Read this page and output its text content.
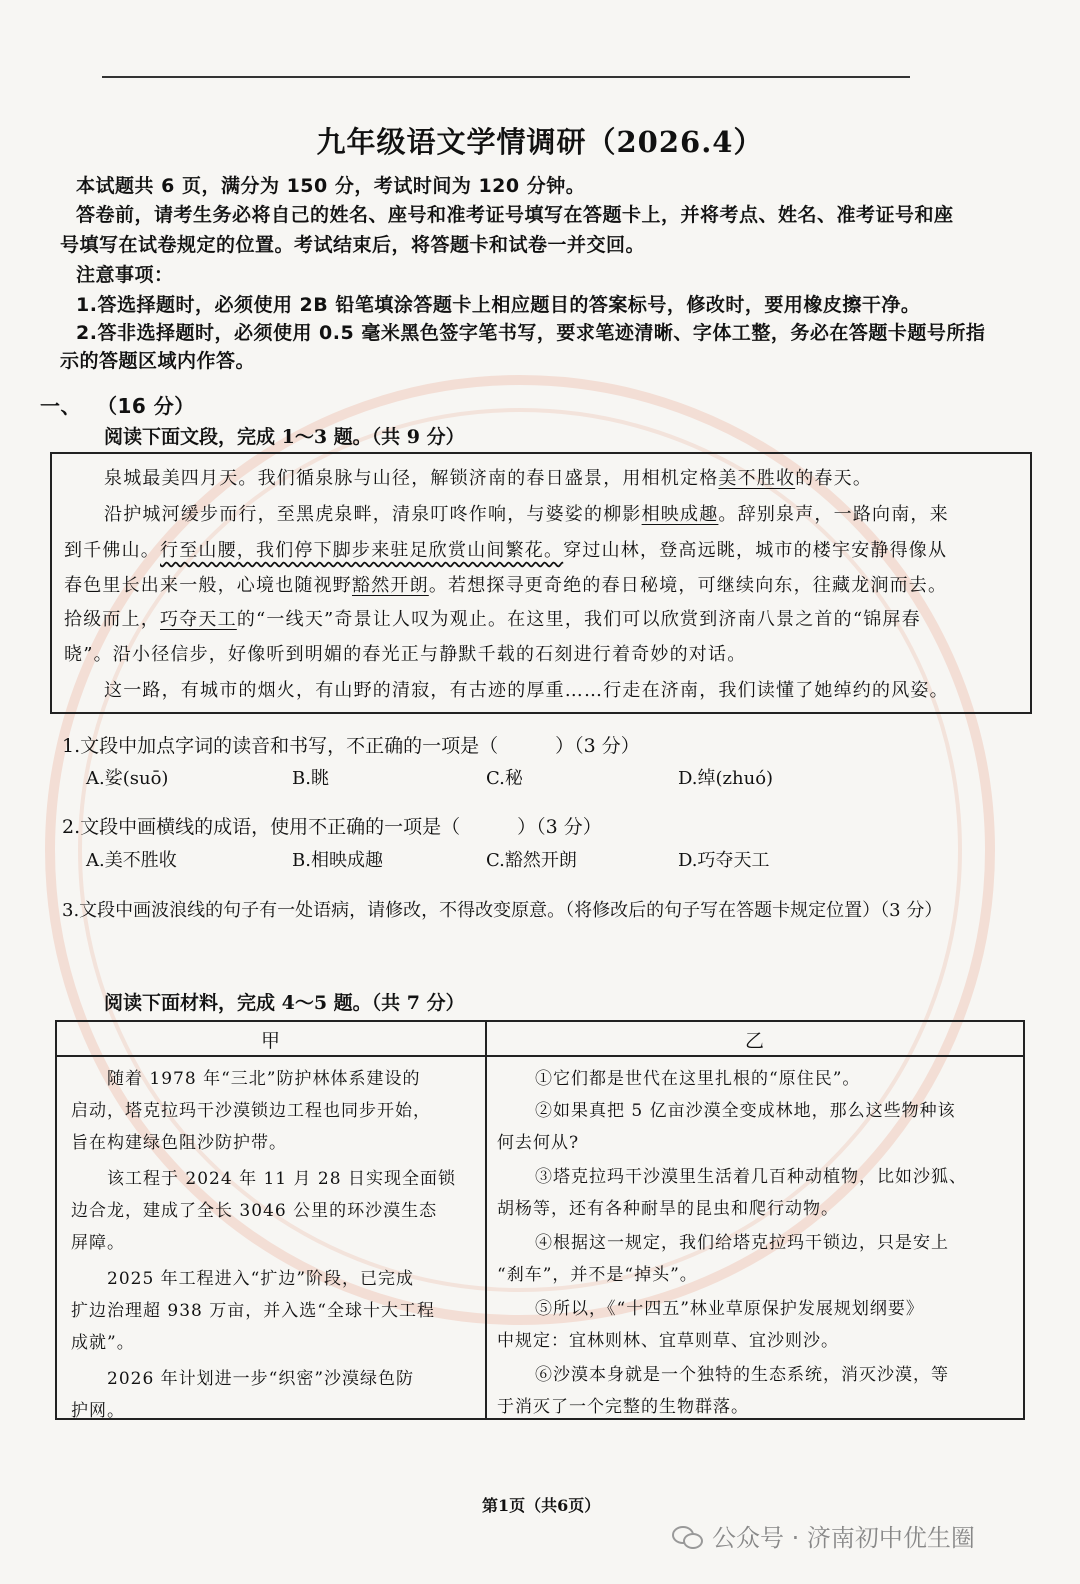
九年级语文学情调研（2026.4）
本试题共 6 页，满分为 150 分，考试时间为 120 分钟。
答卷前，请考生务必将自己的姓名、座号和准考证号填写在答题卡上，并将考点、姓名、准考证号和座
号填写在试卷规定的位置。考试结束后，将答题卡和试卷一并交回。
注意事项：
1.答选择题时，必须使用 2B 铅笔填涂答题卡上相应题目的答案标号，修改时，要用橡皮擦干净。
2.答非选择题时，必须使用 0.5 毫米黑色签字笔书写，要求笔迹清晰、字体工整，务必在答题卡题号所指
示的答题区域内作答。
一、 （16 分）
阅读下面文段，完成 1～3 题。（共 9 分）
泉城最美四月天。我们循泉脉与山径，解锁济南的春日盛景，用相机定格美不胜收的春天。
沿护城河缓步而行，至黑虎泉畔，清泉叮咚作响，与婆娑的柳影相映成趣。辞别泉声，一路向南，来
到千佛山。行至山腰，我们停下脚步来驻足欣赏山间繁花。穿过山林，登高远眺，城市的楼宇安静得像从
春色里长出来一般，心境也随视野豁然开朗。若想探寻更奇绝的春日秘境，可继续向东，往藏龙涧而去。
拾级而上，巧夺天工的“一线天”奇景让人叹为观止。在这里，我们可以欣赏到济南八景之首的“锦屏春
晓”。沿小径信步，好像听到明媚的春光正与静默千载的石刻进行着奇妙的对话。
这一路，有城市的烟火，有山野的清寂，有古迹的厚重……行走在济南，我们读懂了她绰约的风姿。
1.文段中加点字词的读音和书写，不正确的一项是（　　　）（3 分）
A.娑(suō)	B.眺	C.秘	D.绰(zhuó)
2.文段中画横线的成语，使用不正确的一项是（　　　）（3 分）
A.美不胜收	B.相映成趣	C.豁然开朗	D.巧夺天工
3.文段中画波浪线的句子有一处语病，请修改，不得改变原意。（将修改后的句子写在答题卡规定位置）（3 分）
阅读下面材料，完成 4～5 题。（共 7 分）
甲	乙
随着 1978 年“三北”防护林体系建设的
启动，塔克拉玛干沙漠锁边工程也同步开始，
旨在构建绿色阻沙防护带。
该工程于 2024 年 11 月 28 日实现全面锁
边合龙，建成了全长 3046 公里的环沙漠生态
屏障。
2025 年工程进入“扩边”阶段，已完成
扩边治理超 938 万亩，并入选“全球十大工程
成就”。
2026 年计划进一步“织密”沙漠绿色防
护网。
①它们都是世代在这里扎根的“原住民”。
②如果真把 5 亿亩沙漠全变成林地，那么这些物种该
何去何从?
③塔克拉玛干沙漠里生活着几百种动植物，比如沙狐、
胡杨等，还有各种耐旱的昆虫和爬行动物。
④根据这一规定，我们给塔克拉玛干锁边，只是安上
“刹车”，并不是“掉头”。
⑤所以，《“十四五”林业草原保护发展规划纲要》
中规定：宜林则林、宜草则草、宜沙则沙。
⑥沙漠本身就是一个独特的生态系统，消灭沙漠，等
于消灭了一个完整的生物群落。
第1页（共6页）
公众号 · 济南初中优生圈
